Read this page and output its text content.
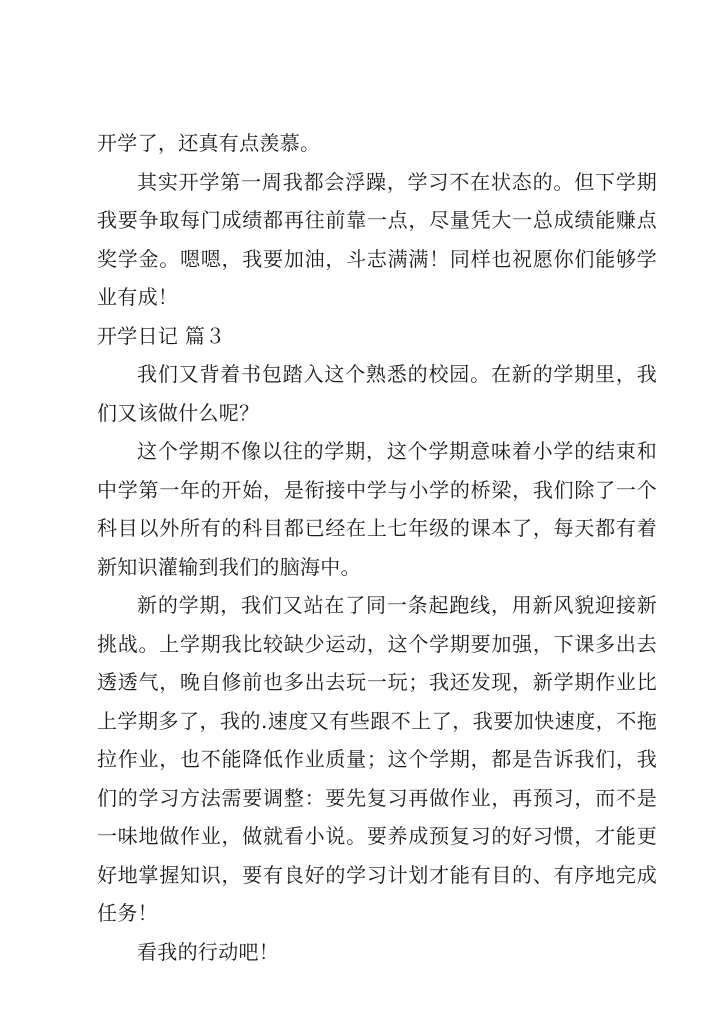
开学了，还真有点羡慕。

其实开学第一周我都会浮躁，学习不在状态的。但下学期我要争取每门成绩都再往前靠一点，尽量凭大一总成绩能赚点奖学金。嗯嗯，我要加油，斗志满满！同样也祝愿你们能够学业有成！

开学日记 篇３

我们又背着书包踏入这个熟悉的校园。在新的学期里，我们又该做什么呢？

这个学期不像以往的学期，这个学期意味着小学的结束和中学第一年的开始，是衔接中学与小学的桥梁，我们除了一个科目以外所有的科目都已经在上七年级的课本了，每天都有着新知识灌输到我们的脑海中。

新的学期，我们又站在了同一条起跑线，用新风貌迎接新挑战。上学期我比较缺少运动，这个学期要加强，下课多出去透透气，晚自修前也多出去玩一玩；我还发现，新学期作业比上学期多了，我的.速度又有些跟不上了，我要加快速度，不拖拉作业，也不能降低作业质量；这个学期，都是告诉我们，我们的学习方法需要调整：要先复习再做作业，再预习，而不是一味地做作业，做就看小说。要养成预复习的好习惯，才能更好地掌握知识，要有良好的学习计划才能有目的、有序地完成任务！

看我的行动吧！
